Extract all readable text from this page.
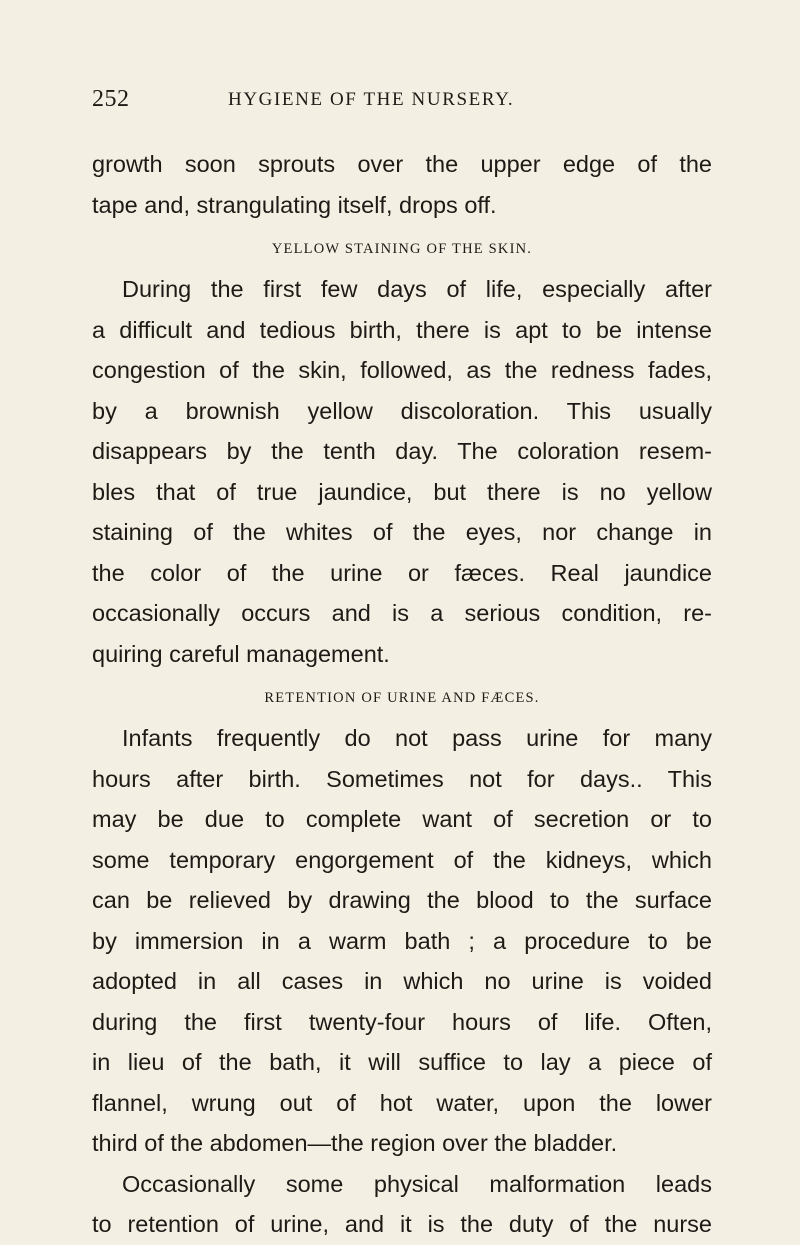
252	HYGIENE OF THE NURSERY.
growth soon sprouts over the upper edge of the
tape and, strangulating itself, drops off.
YELLOW STAINING OF THE SKIN.
During the first few days of life, especially after
a difficult and tedious birth, there is apt to be intense
congestion of the skin, followed, as the redness fades,
by a brownish yellow discoloration. This usually
disappears by the tenth day. The coloration resem-
bles that of true jaundice, but there is no yellow
staining of the whites of the eyes, nor change in
the color of the urine or fæces. Real jaundice
occasionally occurs and is a serious condition, re-
quiring careful management.
RETENTION OF URINE AND FÆCES.
Infants frequently do not pass urine for many
hours after birth. Sometimes not for days.. This
may be due to complete want of secretion or to
some temporary engorgement of the kidneys, which
can be relieved by drawing the blood to the surface
by immersion in a warm bath ; a procedure to be
adopted in all cases in which no urine is voided
during the first twenty-four hours of life. Often,
in lieu of the bath, it will suffice to lay a piece of
flannel, wrung out of hot water, upon the lower
third of the abdomen—the region over the bladder.
Occasionally some physical malformation leads
to retention of urine, and it is the duty of the nurse
